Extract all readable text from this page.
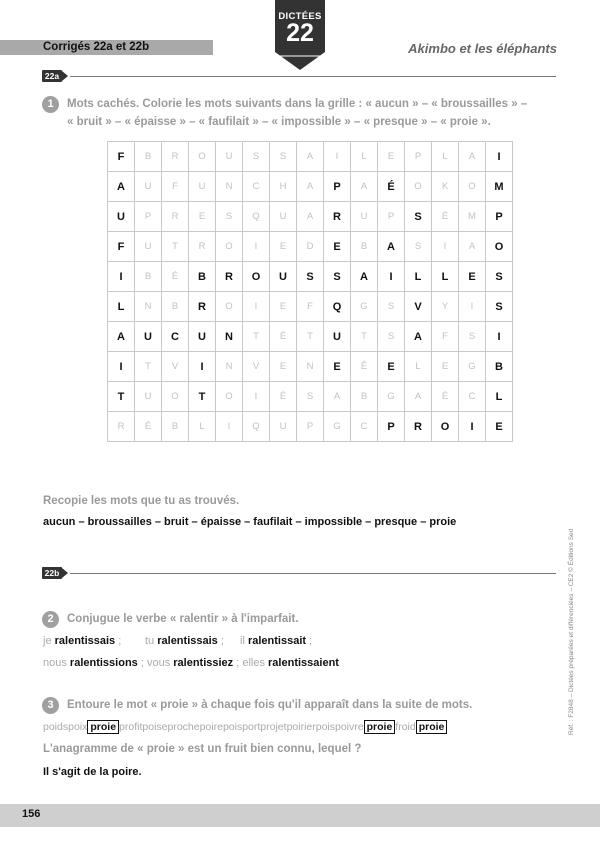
Corrigés 22a et 22b
DICTÉES
22
Akimbo et les éléphants
22a
1	Mots cachés. Colorie les mots suivants dans la grille : « aucun » – « broussailles » –
« bruit » – « épaisse » – « faufilait » – « impossible » – « presque » – « proie ».
F	B	R	O	U	S	S	A	I	L	E	P	L	A	I
A	U	F	U	N	C	H	A	P	A	É	O	K	O	M
U	P	R	E	S	Q	U	A	R	U	P	S	É	M	P
F	U	T	R	O	I	E	D	E	B	A	S	I	A	O
I	B	É	B	R	O	U	S	S	A	I	L	L	E	S
L	N	B	R	O	I	E	F	Q	G	S	V	Y	I	S
A	U	C	U	N	T	É	T	U	T	S	A	F	S	I
I	T	V	I	N	V	E	N	E	Ê	E	L	E	G	B
T	U	O	T	O	I	É	S	A	B	G	A	É	C	L
R	É	B	L	I	Q	U	P	G	C	P	R	O	I	E
Recopie les mots que tu as trouvés.
aucun – broussailles – bruit – épaisse – faufilait – impossible – presque – proie
22b
2	Conjugue le verbe « ralentir » à l'imparfait.
je ralentissais ; tu ralentissais ; il ralentissait ;
nous ralentissions ; vous ralentissiez ; elles ralentissaient
3	Entoure le mot « proie » à chaque fois qu'il apparaît dans la suite de mots.
poidspoix proie profitpoiseprochepoirepoisportprojetpoirierpoispoivre proie froid proie
L'anagramme de « proie » est un fruit bien connu, lequel ?
Il s'agit de la poire.
Réf. : F2848 – Dictées préparées et différenciées – CE2 © Éditions Sed
156
